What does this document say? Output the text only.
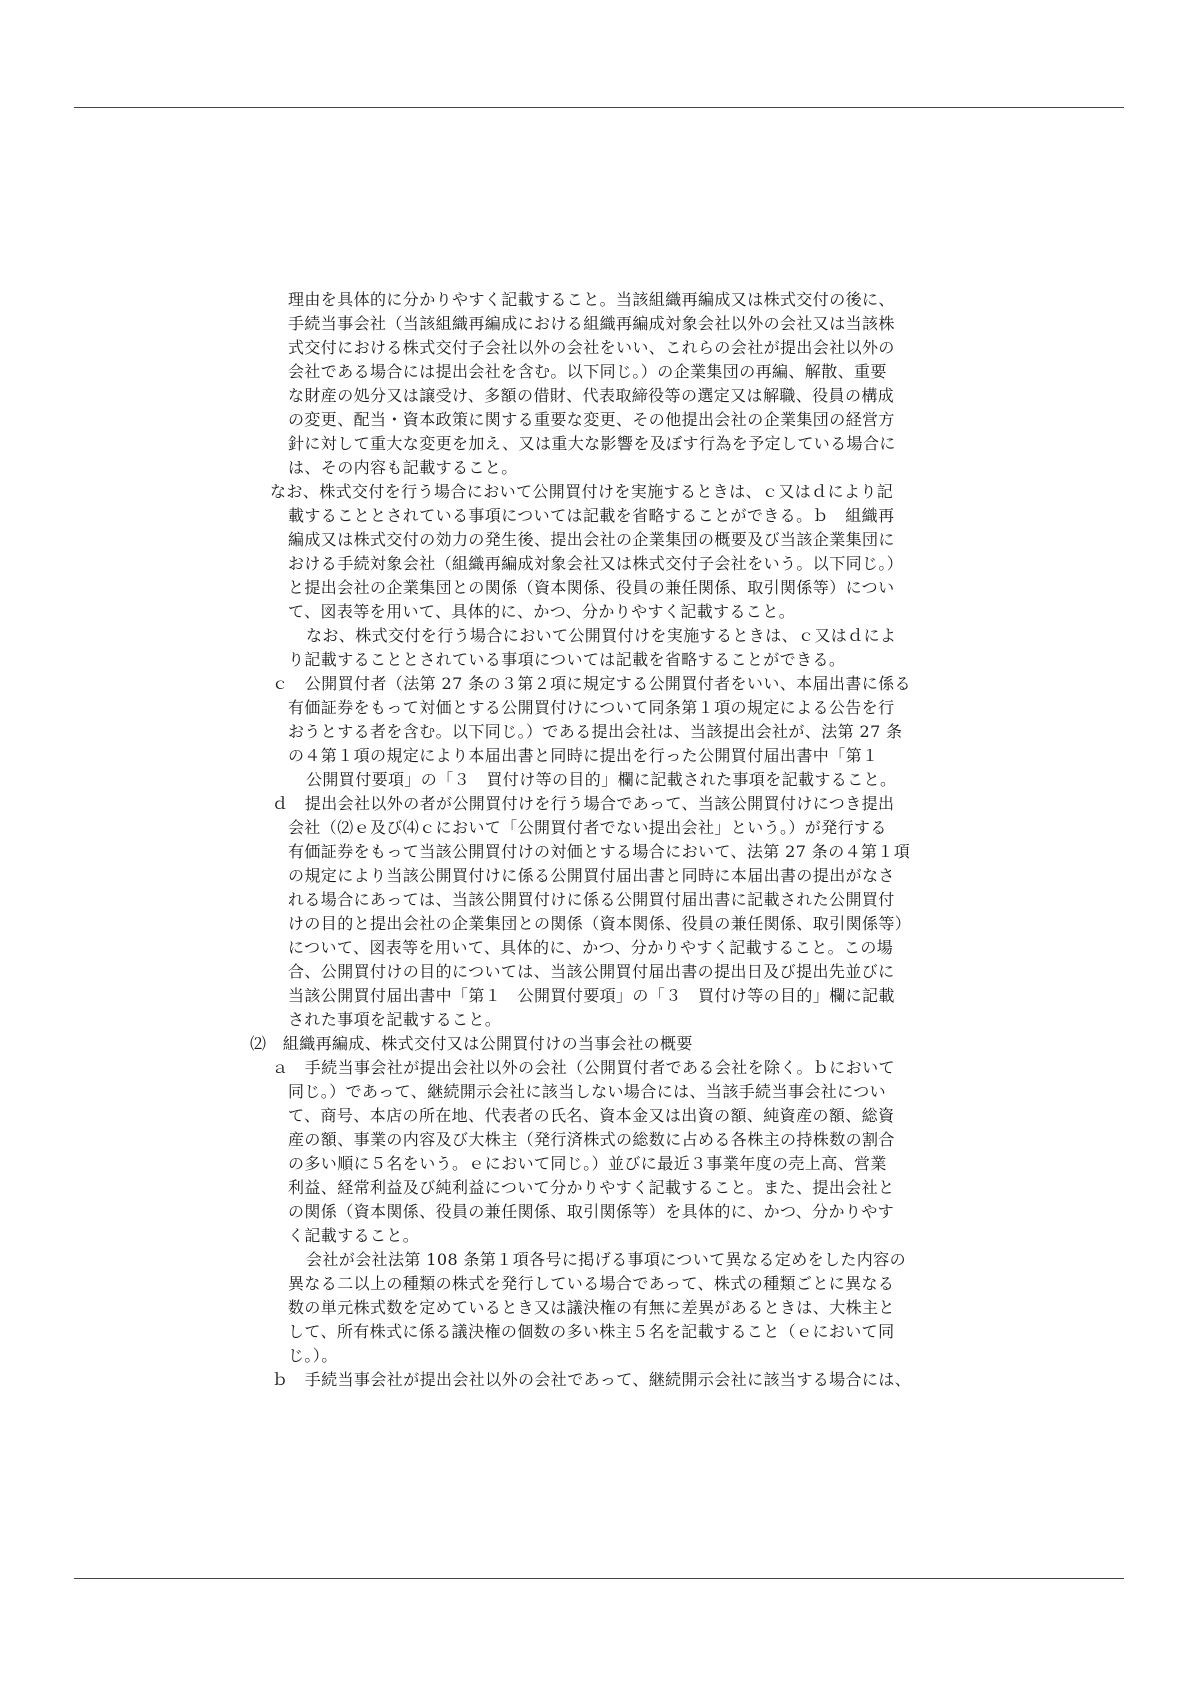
理由を具体的に分かりやすく記載すること。当該組織再編成又は株式交付の後に、
手続当事会社（当該組織再編成における組織再編成対象会社以外の会社又は当該株
式交付における株式交付子会社以外の会社をいい、これらの会社が提出会社以外の
会社である場合には提出会社を含む。以下同じ。）の企業集団の再編、解散、重要
な財産の処分又は譲受け、多額の借財、代表取締役等の選定又は解職、役員の構成
の変更、配当・資本政策に関する重要な変更、その他提出会社の企業集団の経営方
針に対して重大な変更を加え、又は重大な影響を及ぼす行為を予定している場合に
は、その内容も記載すること。
なお、株式交付を行う場合において公開買付けを実施するときは、ｃ又はｄにより記
載することとされている事項については記載を省略することができる。ｂ　組織再
編成又は株式交付の効力の発生後、提出会社の企業集団の概要及び当該企業集団に
おける手続対象会社（組織再編成対象会社又は株式交付子会社をいう。以下同じ。）
と提出会社の企業集団との関係（資本関係、役員の兼任関係、取引関係等）につい
て、図表等を用いて、具体的に、かつ、分かりやすく記載すること。
なお、株式交付を行う場合において公開買付けを実施するときは、ｃ又はｄによ
り記載することとされている事項については記載を省略することができる。
ｃ　公開買付者（法第 27 条の３第２項に規定する公開買付者をいい、本届出書に係る
有価証券をもって対価とする公開買付けについて同条第１項の規定による公告を行
おうとする者を含む。以下同じ。）である提出会社は、当該提出会社が、法第 27 条
の４第１項の規定により本届出書と同時に提出を行った公開買付届出書中「第１
公開買付要項」の「３　買付け等の目的」欄に記載された事項を記載すること。
ｄ　提出会社以外の者が公開買付けを行う場合であって、当該公開買付けにつき提出
会社（⑵ｅ及び⑷ｃにおいて「公開買付者でない提出会社」という。）が発行する
有価証券をもって当該公開買付けの対価とする場合において、法第 27 条の４第１項
の規定により当該公開買付けに係る公開買付届出書と同時に本届出書の提出がなさ
れる場合にあっては、当該公開買付けに係る公開買付届出書に記載された公開買付
けの目的と提出会社の企業集団との関係（資本関係、役員の兼任関係、取引関係等）
について、図表等を用いて、具体的に、かつ、分かりやすく記載すること。この場
合、公開買付けの目的については、当該公開買付届出書の提出日及び提出先並びに
当該公開買付届出書中「第１　公開買付要項」の「３　買付け等の目的」欄に記載
された事項を記載すること。
⑵　組織再編成、株式交付又は公開買付けの当事会社の概要
ａ　手続当事会社が提出会社以外の会社（公開買付者である会社を除く。ｂにおいて
同じ。）であって、継続開示会社に該当しない場合には、当該手続当事会社につい
て、商号、本店の所在地、代表者の氏名、資本金又は出資の額、純資産の額、総資
産の額、事業の内容及び大株主（発行済株式の総数に占める各株主の持株数の割合
の多い順に５名をいう。ｅにおいて同じ。）並びに最近３事業年度の売上高、営業
利益、経常利益及び純利益について分かりやすく記載すること。また、提出会社と
の関係（資本関係、役員の兼任関係、取引関係等）を具体的に、かつ、分かりやす
く記載すること。
会社が会社法第 108 条第１項各号に掲げる事項について異なる定めをした内容の
異なる二以上の種類の株式を発行している場合であって、株式の種類ごとに異なる
数の単元株式数を定めているとき又は議決権の有無に差異があるときは、大株主と
して、所有株式に係る議決権の個数の多い株主５名を記載すること（ｅにおいて同
じ。）。
ｂ　手続当事会社が提出会社以外の会社であって、継続開示会社に該当する場合には、
